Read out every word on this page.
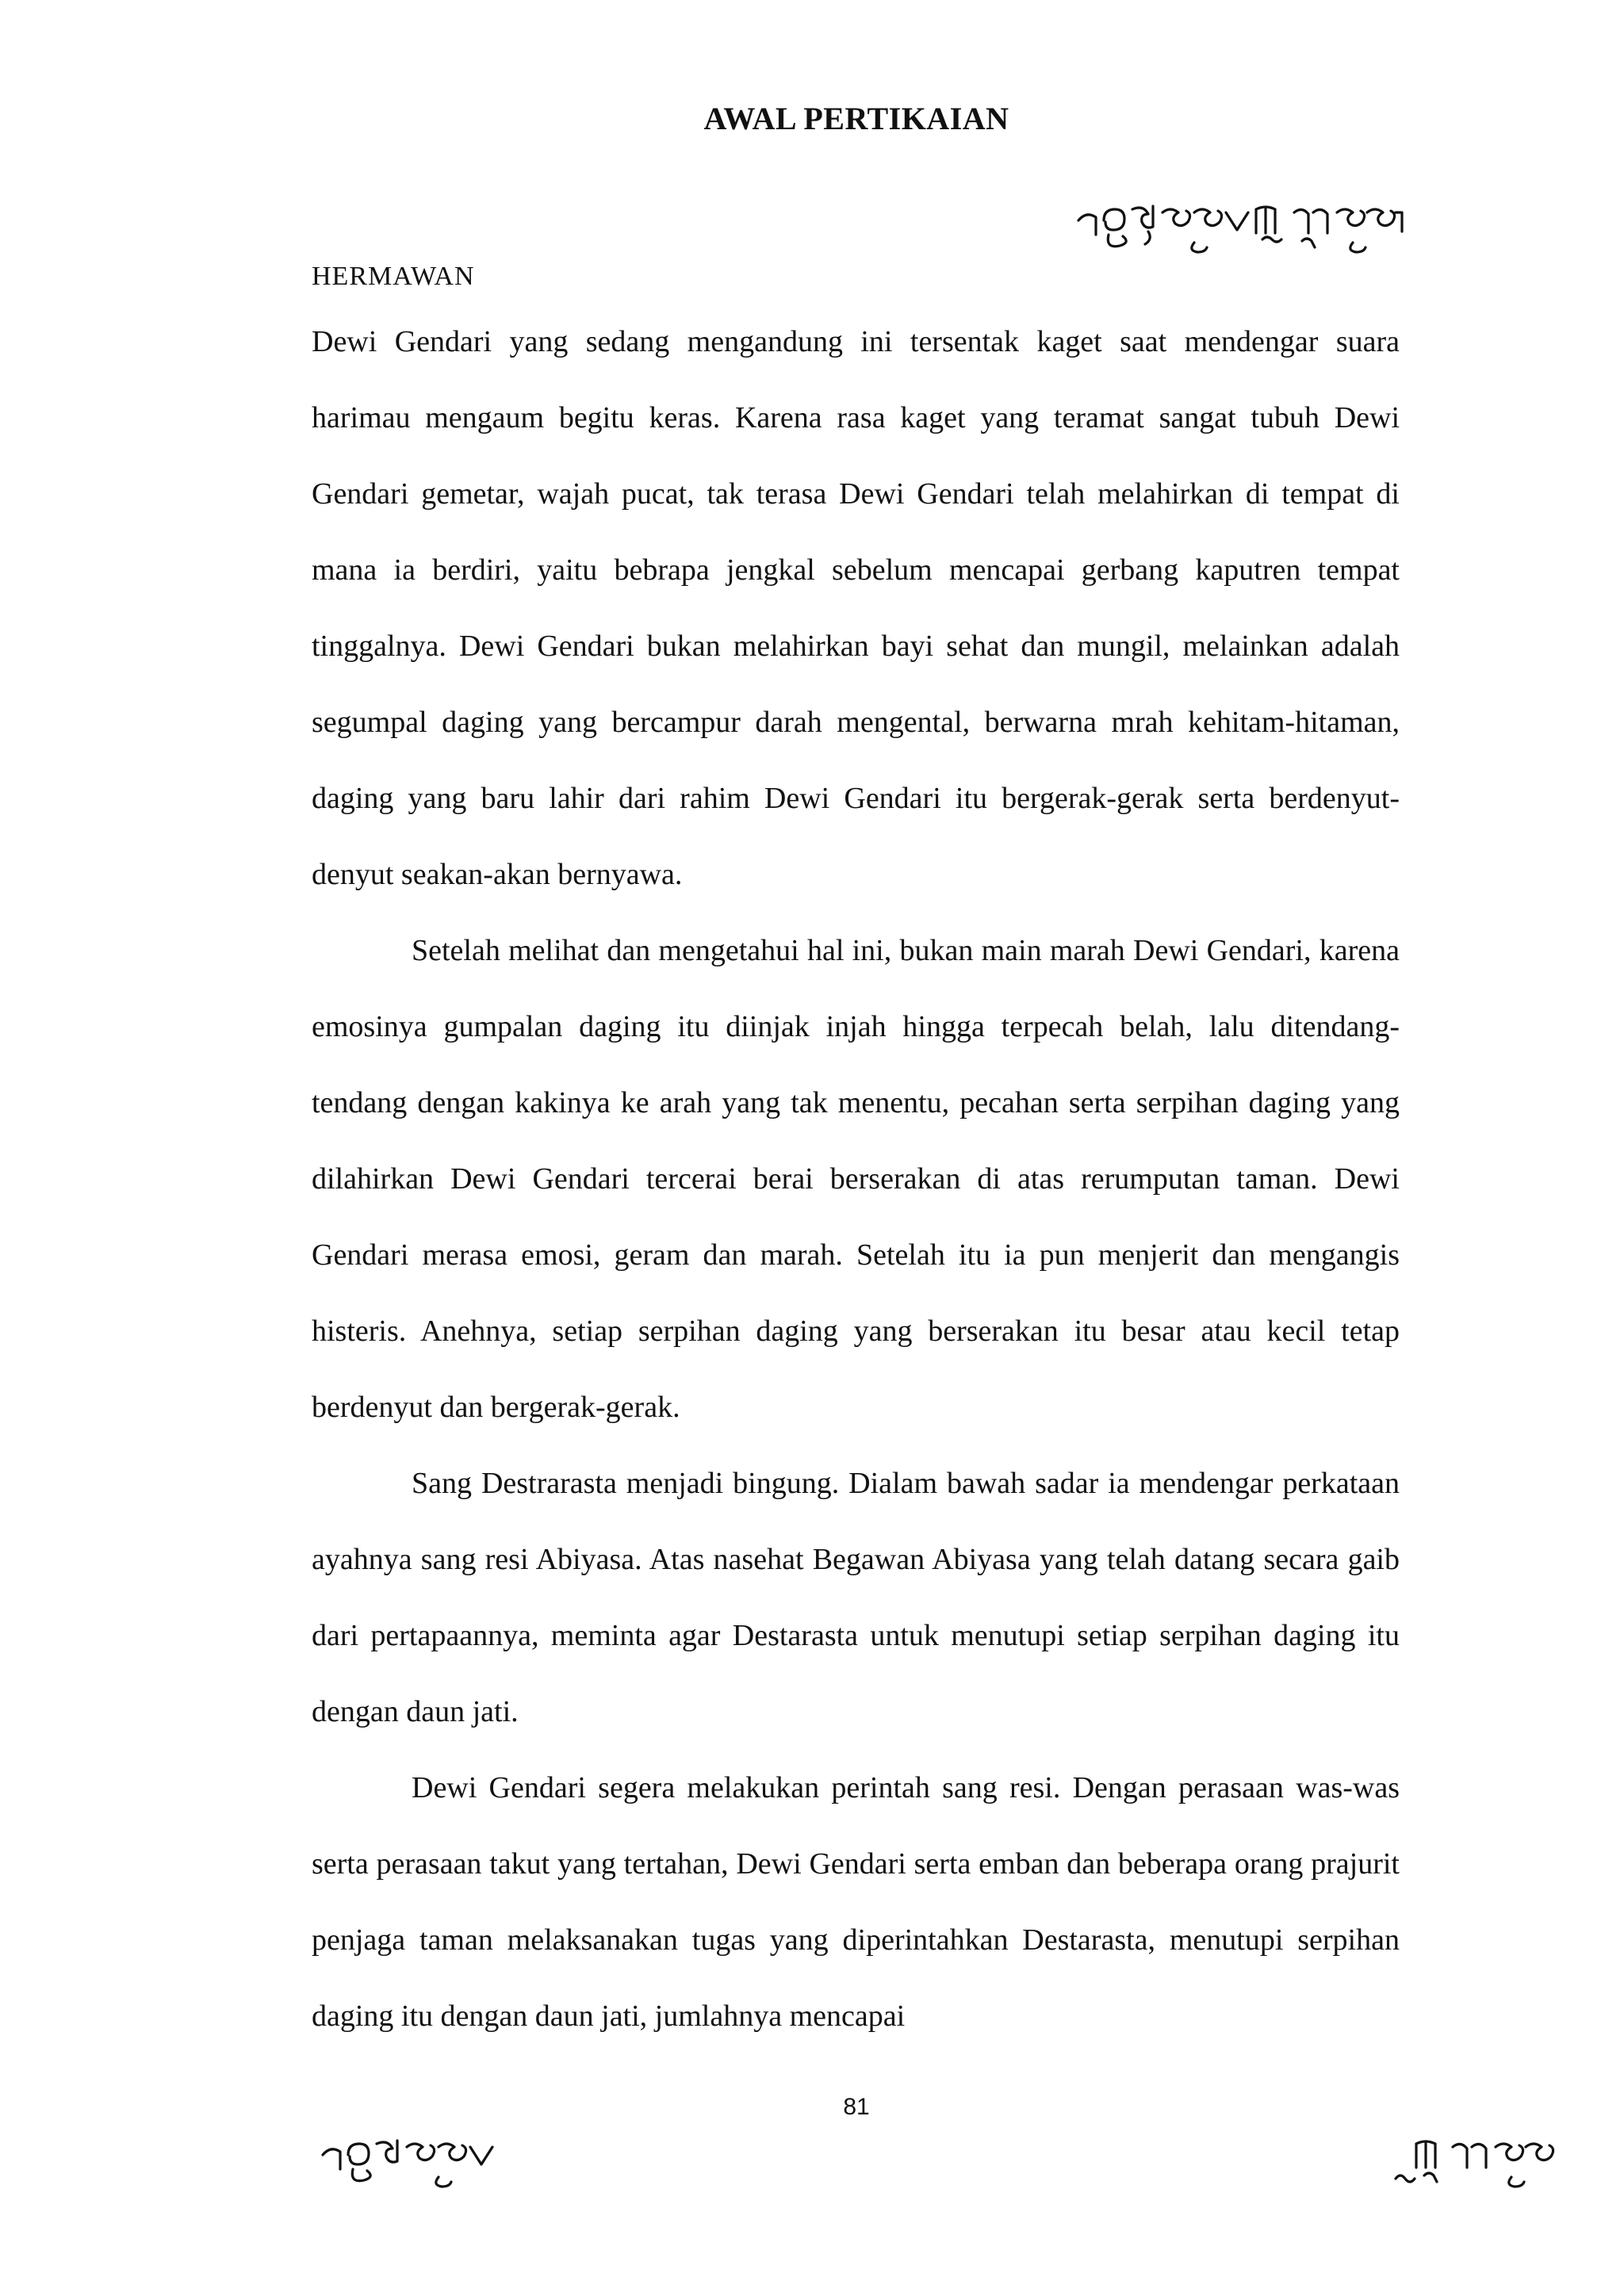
AWAL PERTIKAIAN
HERMAWAN

Dewi Gendari yang sedang mengandung ini tersentak kaget saat mendengar suara harimau mengaum begitu keras. Karena rasa kaget yang teramat sangat tubuh Dewi Gendari gemetar, wajah pucat, tak terasa Dewi Gendari telah melahirkan di tempat di mana ia berdiri, yaitu bebrapa jengkal sebelum mencapai gerbang kaputren tempat tinggalnya. Dewi Gendari bukan melahirkan bayi sehat dan mungil, melainkan adalah segumpal daging yang bercampur darah mengental, berwarna mrah kehitam-hitaman, daging yang baru lahir dari rahim Dewi Gendari itu bergerak-gerak serta berdenyut-denyut seakan-akan bernyawa.

Setelah melihat dan mengetahui hal ini, bukan main marah Dewi Gendari, karena emosinya gumpalan daging itu diinjak injah hingga terpecah belah, lalu ditendang-tendang dengan kakinya ke arah yang tak menentu, pecahan serta serpihan daging yang dilahirkan Dewi Gendari tercerai berai berserakan di atas rerumputan taman. Dewi Gendari merasa emosi, geram dan marah. Setelah itu ia pun menjerit dan mengangis histeris. Anehnya, setiap serpihan daging yang berserakan itu besar atau kecil tetap berdenyut dan bergerak-gerak.

Sang Destrarasta menjadi bingung. Dialam bawah sadar ia mendengar perkataan ayahnya sang resi Abiyasa. Atas nasehat Begawan Abiyasa yang telah datang secara gaib dari pertapaannya, meminta agar Destarasta untuk menutupi setiap serpihan daging itu dengan daun jati.

Dewi Gendari segera melakukan perintah sang resi. Dengan perasaan was-was serta perasaan takut yang tertahan, Dewi Gendari serta emban dan beberapa orang prajurit penjaga taman melaksanakan tugas yang diperintahkan Destarasta, menutupi serpihan daging itu dengan daun jati, jumlahnya mencapai

81
